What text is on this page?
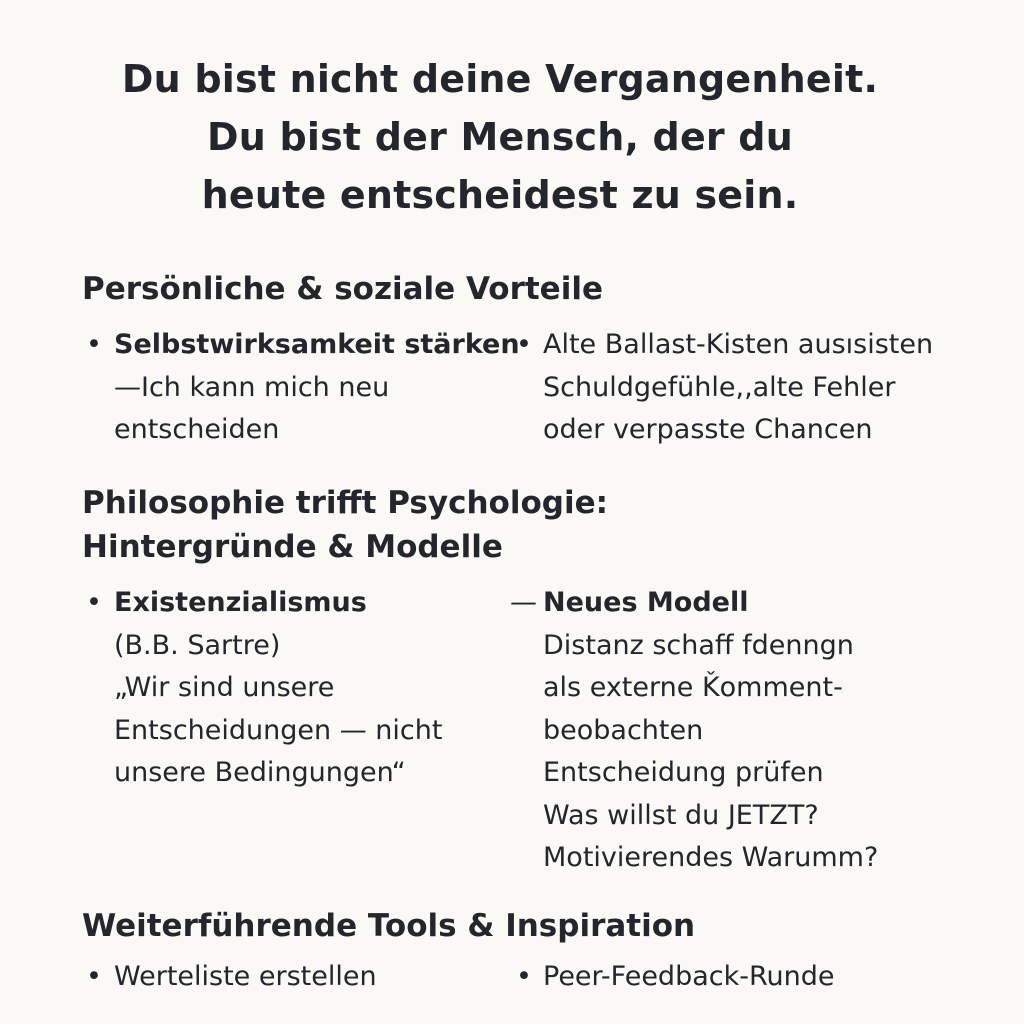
Du bist nicht deine Vergangenheit.
Du bist der Mensch, der du
heute entscheidest zu sein.
Persönliche & soziale Vorteile
• Selbstwirksamkeit stärken
—Ich kann mich neu
entscheiden
• Alte Ballast-Kisten ausısisten
Schuldgefühle,‚alte Fehler
oder verpasste Chancen
Philosophie trifft Psychologie:
Hintergründe & Modelle
• Existenzialismus
(B.B. Sartre)
„Wir sind unsere
Entscheidungen — nicht
unsere Bedingungen“
— Neues Modell
Distanz schaff fdenngn
als externe Ǩomment-
beobachten
Entscheidung prüfen
Was willst du JETZT?
Motivierendes Warumm?
Weiterführende Tools & Inspiration
• Werteliste erstellen	• Peer-Feedback-Runde
